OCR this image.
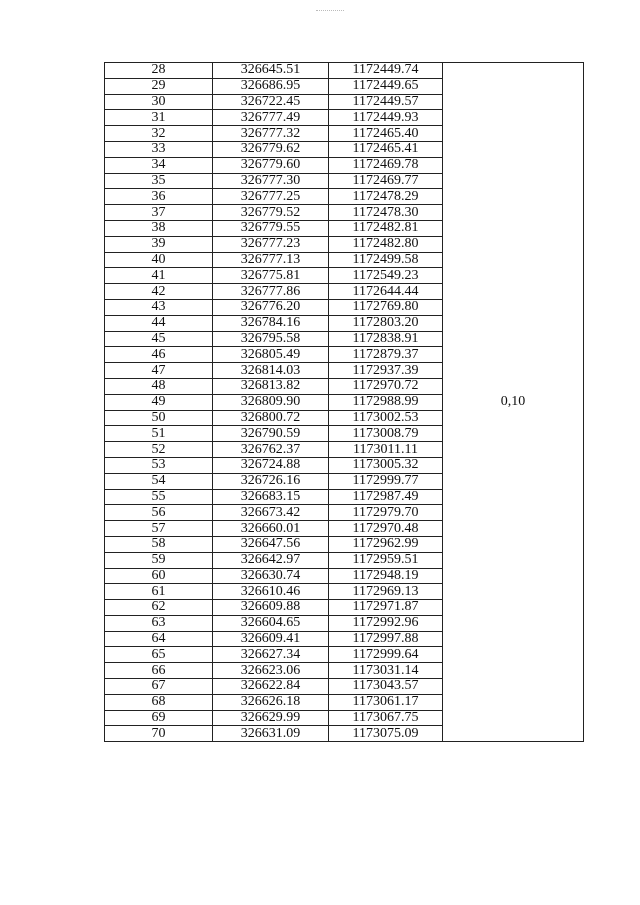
28	326645.51	1172449.74	0,10
29	326686.95	1172449.65	
30	326722.45	1172449.57	
31	326777.49	1172449.93	
32	326777.32	1172465.40	
33	326779.62	1172465.41	
34	326779.60	1172469.78	
35	326777.30	1172469.77	
36	326777.25	1172478.29	
37	326779.52	1172478.30	
38	326779.55	1172482.81	
39	326777.23	1172482.80	
40	326777.13	1172499.58	
41	326775.81	1172549.23	
42	326777.86	1172644.44	
43	326776.20	1172769.80	
44	326784.16	1172803.20	
45	326795.58	1172838.91	
46	326805.49	1172879.37	
47	326814.03	1172937.39	
48	326813.82	1172970.72	
49	326809.90	1172988.99	
50	326800.72	1173002.53	
51	326790.59	1173008.79	
52	326762.37	1173011.11	
53	326724.88	1173005.32	
54	326726.16	1172999.77	
55	326683.15	1172987.49	
56	326673.42	1172979.70	
57	326660.01	1172970.48	
58	326647.56	1172962.99	
59	326642.97	1172959.51	
60	326630.74	1172948.19	
61	326610.46	1172969.13	
62	326609.88	1172971.87	
63	326604.65	1172992.96	
64	326609.41	1172997.88	
65	326627.34	1172999.64	
66	326623.06	1173031.14	
67	326622.84	1173043.57	
68	326626.18	1173061.17	
69	326629.99	1173067.75	
70	326631.09	1173075.09	
